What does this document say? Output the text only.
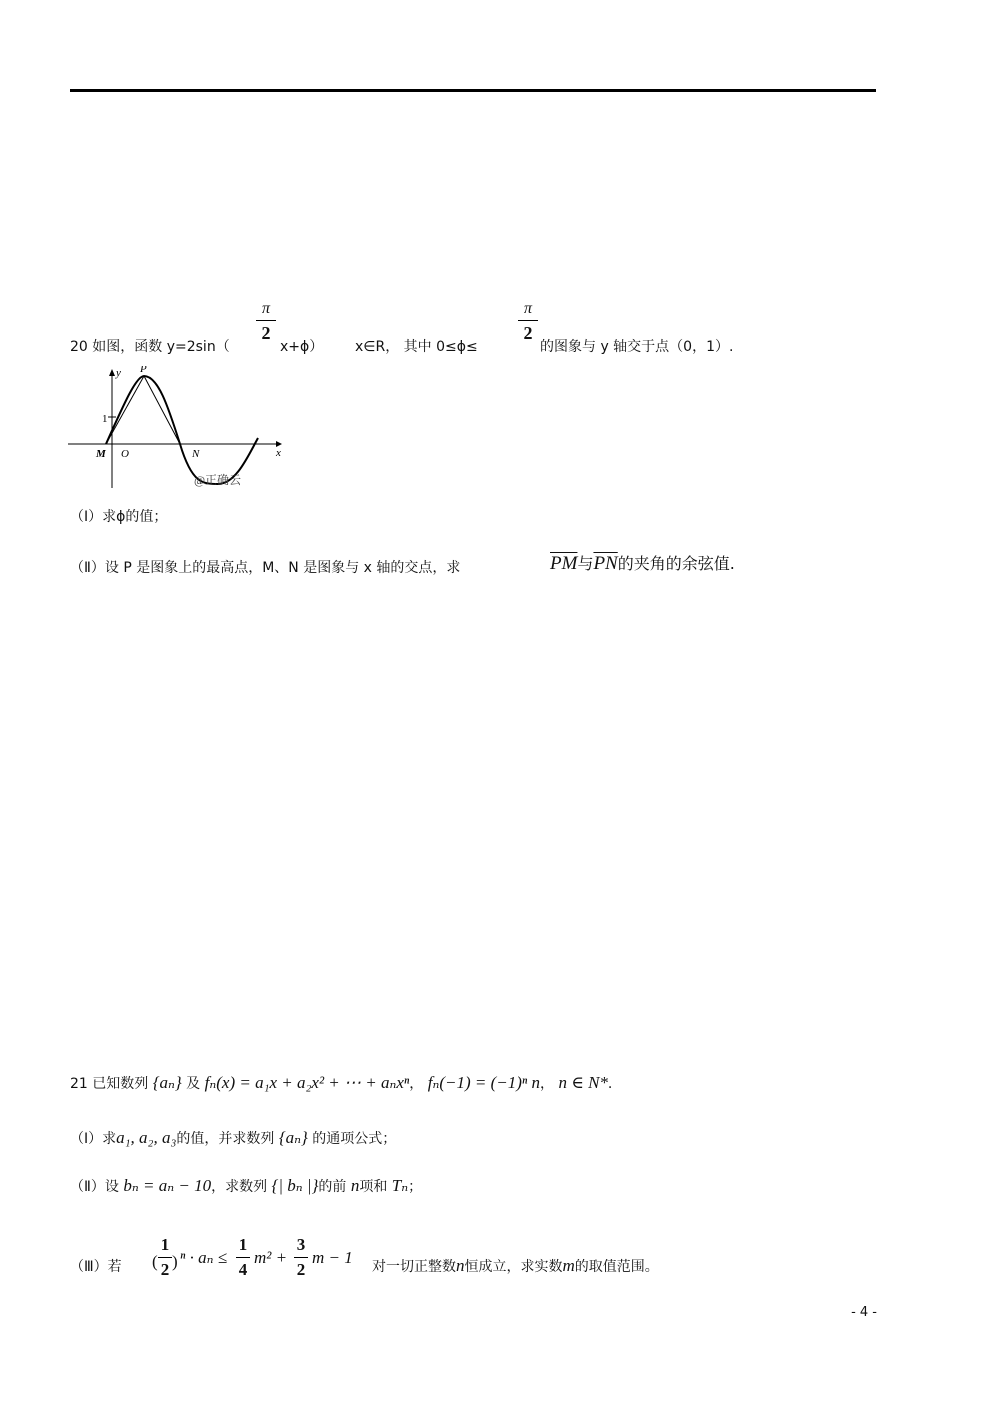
20 如图，函数 y=2sin（
π
2
x+ϕ） x∈R， 其中 0≤ϕ≤
π
2
的图象与 y 轴交于点（0，1）.
y
x
1
P
M O	N
@正确云
（Ⅰ）求ϕ的值；
（Ⅱ）设 P 是图象上的最高点，M、N 是图象与 x 轴的交点，求	$\overline{PM}$与$\overline{PN}$的夹角的余弦值.
21 已知数列 {aₙ} 及 fₙ(x) = a₁x + a₂x² + ⋯ + aₙxⁿ， fₙ(−1) = (−1)ⁿ n， n ∈ N*.
（Ⅰ）求a₁, a₂, a₃的值，并求数列 {aₙ} 的通项公式；
（Ⅱ）设 bₙ = aₙ − 10，求数列 {| bₙ |}的前 n项和 Tₙ；
（Ⅲ）若 (
1
2 ) ⁿ · aₙ ≤
1
4
m² +
3
2
m − 1 对一切正整数n恒成立，求实数m的取值范围。
- 4 -
